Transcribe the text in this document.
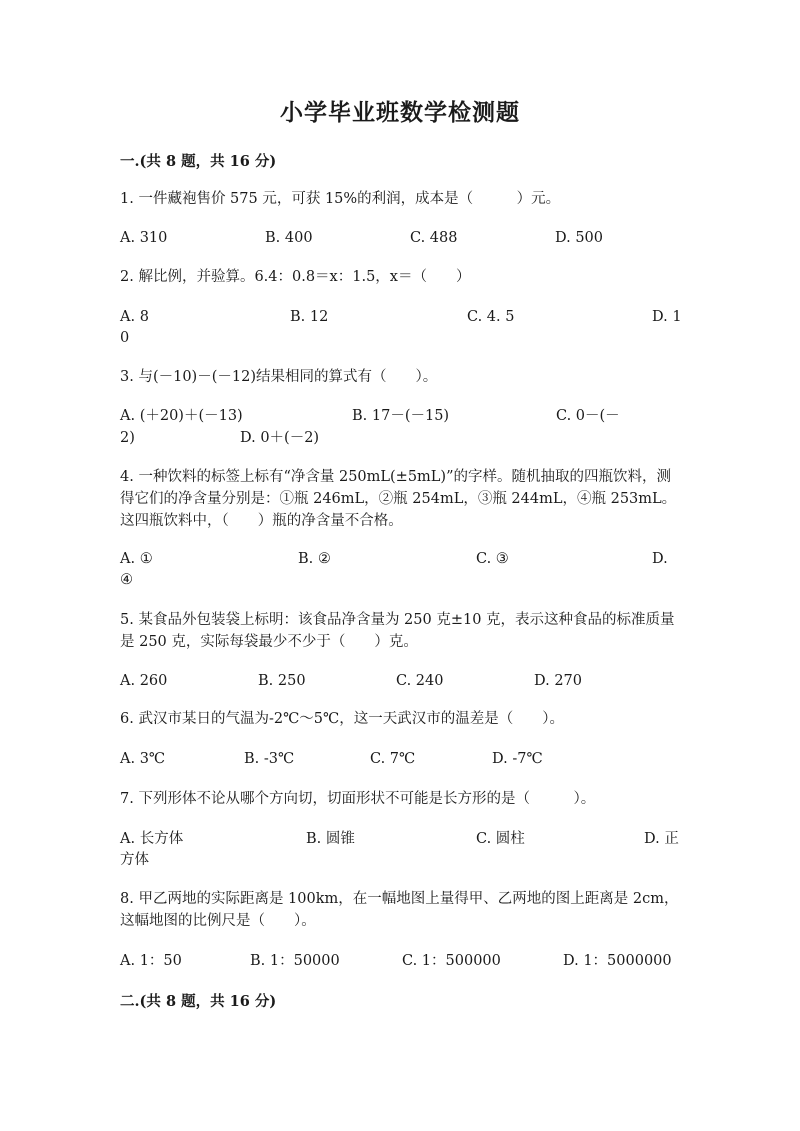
小学毕业班数学检测题
一.(共 8 题，共 16 分)
1. 一件藏袍售价 575 元，可获 15%的利润，成本是（　　　）元。
A. 310	B. 400	C. 488	D. 500
2. 解比例，并验算。6.4：0.8＝x：1.5，x＝（　　）
A. 8	B. 12	C. 4. 5	D. 1
0
3. 与(－10)－(－12)结果相同的算式有（　　）。
A. (＋20)＋(－13)	B. 17－(－15)	C. 0－(－
2)	D. 0＋(－2)
4. 一种饮料的标签上标有“净含量 250mL(±5mL)”的字样。随机抽取的四瓶饮料，测得它们的净含量分别是：①瓶 246mL，②瓶 254mL，③瓶 244mL，④瓶 253mL。这四瓶饮料中，（　　）瓶的净含量不合格。
A. ①	B. ②	C. ③	D.
④
5. 某食品外包装袋上标明：该食品净含量为 250 克±10 克，表示这种食品的标准质量是 250 克，实际每袋最少不少于（　　）克。
A. 260	B. 250	C. 240	D. 270
6. 武汉市某日的气温为-2℃～5℃，这一天武汉市的温差是（　　）。
A. 3℃	B. -3℃	C. 7℃	D. -7℃
7. 下列形体不论从哪个方向切，切面形状不可能是长方形的是（　　　）。
A. 长方体	B. 圆锥	C. 圆柱	D. 正
方体
8. 甲乙两地的实际距离是 100km，在一幅地图上量得甲、乙两地的图上距离是 2cm，这幅地图的比例尺是（　　）。
A. 1：50	B. 1：50000	C. 1：500000	D. 1：5000000
二.(共 8 题，共 16 分)
